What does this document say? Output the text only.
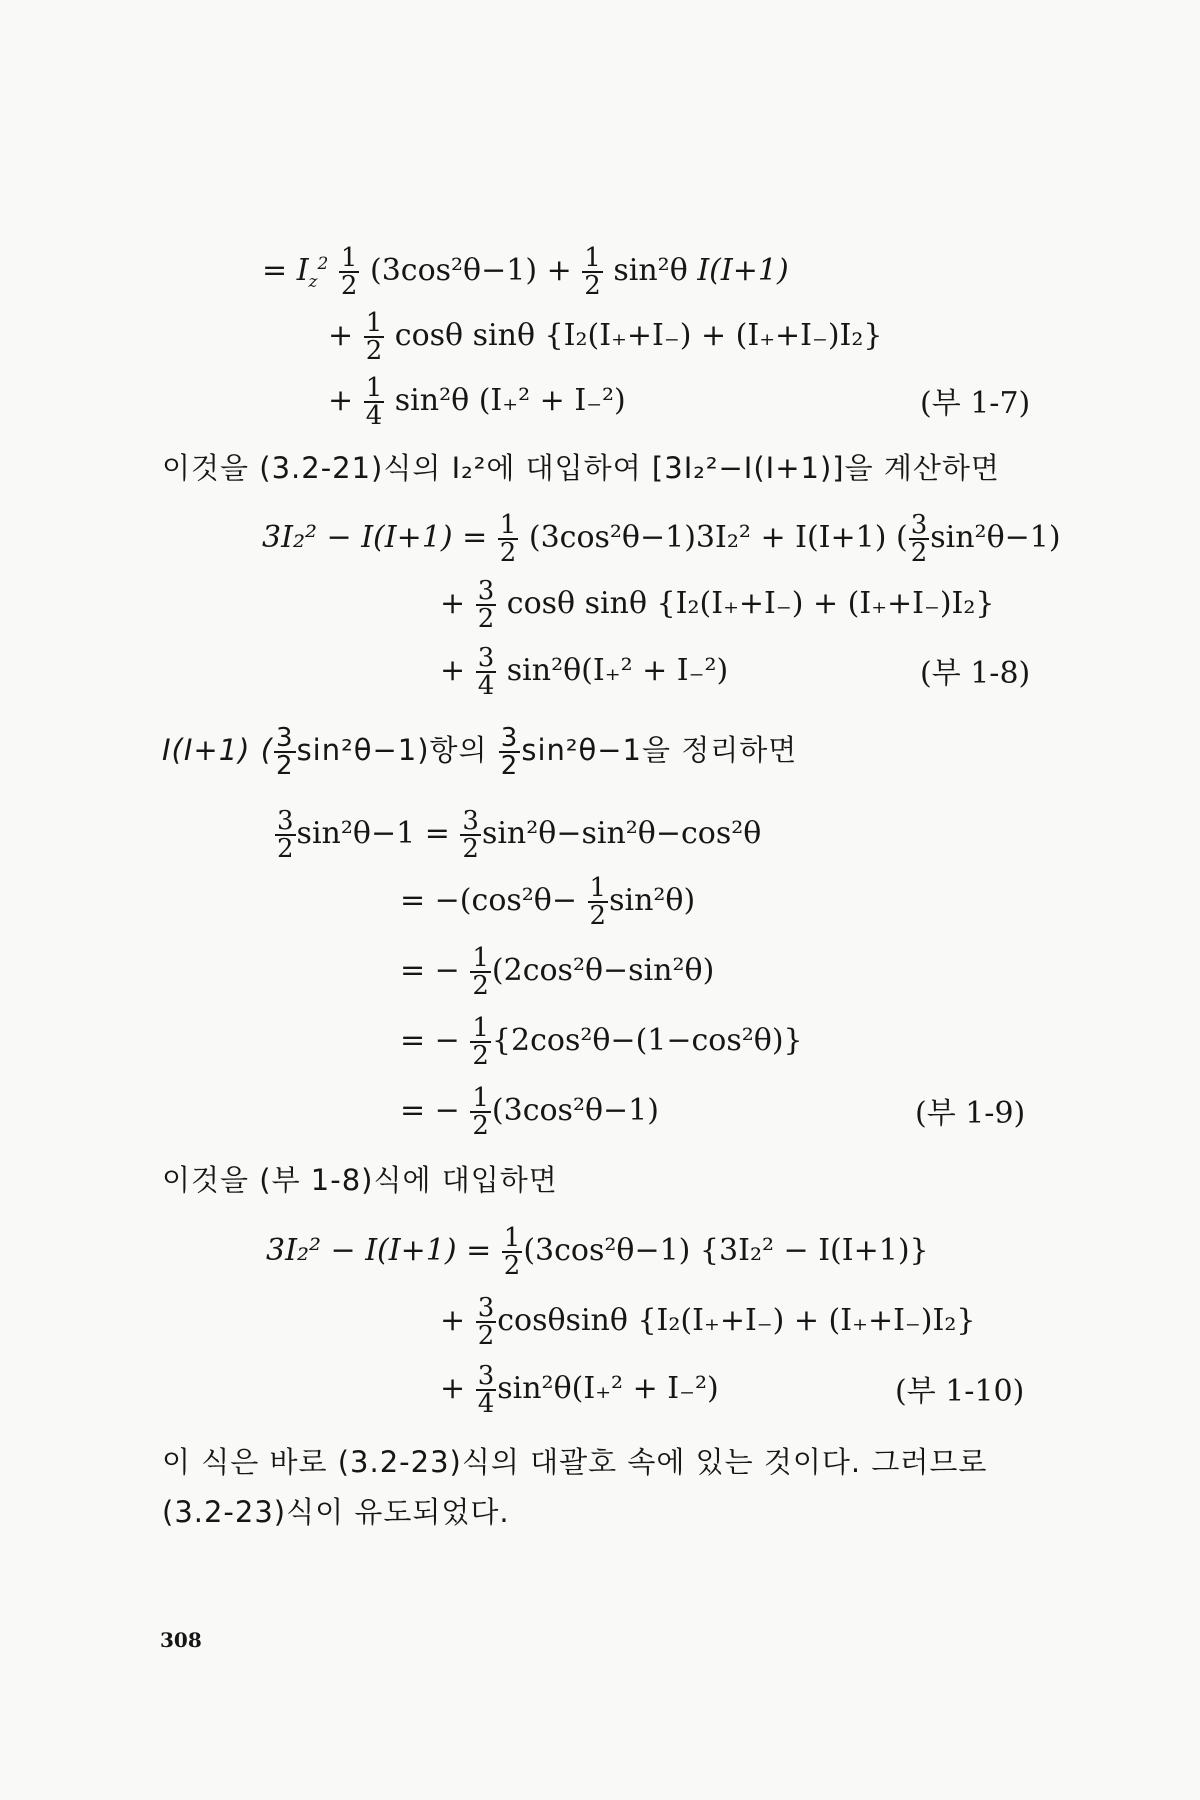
= $I_z^2 \frac{1}{2} (3\cos^2\theta-1) + \frac{1}{2} \sin^2\theta$ I(I+1)
+ $\frac{1}{2}$ cosθ sinθ {I₂(I₊+I₋) + (I₊+I₋)I₂}
+ $\frac{1}{4} \sin^2\theta$ (I₊² + I₋²)	(부 1-7)
이것을 (3.2-21)식의 I₂²에 대입하여 [3I₂²−I(I+1)]을 계산하면
$3I_2^2 - I(I+1) = \frac{1}{2} (3\cos^2\theta-1)3I_2^2 + I(I+1)$ ( $\frac{3}{2} \sin^2\theta-1$)
+ $\frac{3}{2}$ cosθ sinθ {I₂(I₊+I₋) + (I₊+I₋)I₂}
+ $\frac{3}{4} \sin^2\theta(I_+^2 + I_-^2)$	(부 1-8)
I(I+1) ( $\frac{3}{2} \sin^2\theta-1$)항의 $\frac{3}{2} \sin^2\theta-1$을 정리하면
$\frac{3}{2} \sin^2\theta-1 = \frac{3}{2} \sin^2\theta-\sin^2\theta-\cos^2\theta$
= $-(\cos^2\theta- \frac{1}{2} \sin^2\theta)$
= − $\frac{1}{2} (2\cos^2\theta-\sin^2\theta)$
= − $\frac{1}{2} \{2\cos^2\theta-(1-\cos^2\theta)\}$
= − $\frac{1}{2} (3\cos^2\theta-1)$	(부 1-9)
이것을 (부 1-8)식에 대입하면
$3I_2^2 - I(I+1) = \frac{1}{2} (3\cos^2\theta-1) \{3I_2^2 - I(I+1)\}$
+ $\frac{3}{2}$ cosθsinθ {I₂(I₊+I₋) + (I₊+I₋)I₂}
+ $\frac{3}{4} \sin^2\theta(I_+^2 + I_-^2)$	(부 1-10)
이 식은 바로 (3.2-23)식의 대괄호 속에 있는 것이다. 그러므로
(3.2-23)식이 유도되었다.
308
